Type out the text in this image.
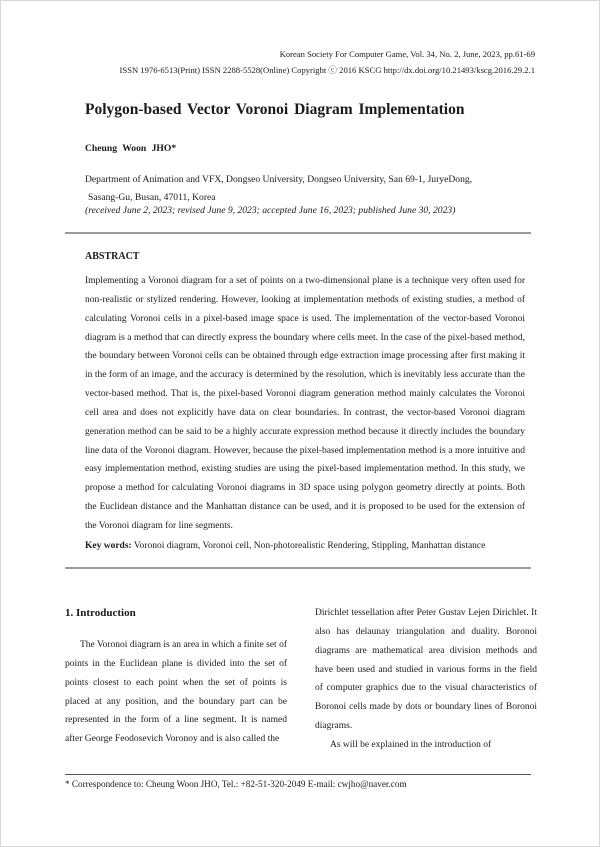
Korean Society For Computer Game, Vol. 34, No. 2, June, 2023, pp.61-69
ISSN 1976-6513(Print) ISSN 2288-5528(Online) Copyright ⓒ 2016 KSCG http://dx.doi.org/10.21493/kscg.2016.29.2.1
Polygon-based Vector Voronoi Diagram Implementation
Cheung Woon JHO*
Department of Animation and VFX, Dongseo University, Dongseo University, San 69-1, JuryeDong,
Sasang-Gu, Busan, 47011, Korea
(received June 2, 2023; revised June 9, 2023; accepted June 16, 2023; published June 30, 2023)
ABSTRACT
Implementing a Voronoi diagram for a set of points on a two-dimensional plane is a technique very often used for non-realistic or stylized rendering. However, looking at implementation methods of existing studies, a method of calculating Voronoi cells in a pixel-based image space is used. The implementation of the vector-based Voronoi diagram is a method that can directly express the boundary where cells meet. In the case of the pixel-based method, the boundary between Voronoi cells can be obtained through edge extraction image processing after first making it in the form of an image, and the accuracy is determined by the resolution, which is inevitably less accurate than the vector-based method. That is, the pixel-based Voronoi diagram generation method mainly calculates the Voronoi cell area and does not explicitly have data on clear boundaries. In contrast, the vector-based Voronoi diagram generation method can be said to be a highly accurate expression method because it directly includes the boundary line data of the Voronoi diagram. However, because the pixel-based implementation method is a more intuitive and easy implementation method, existing studies are using the pixel-based implementation method. In this study, we propose a method for calculating Voronoi diagrams in 3D space using polygon geometry directly at points. Both the Euclidean distance and the Manhattan distance can be used, and it is proposed to be used for the extension of the Voronoi diagram for line segments.
Key words: Voronoi diagram, Voronoi cell, Non-photorealistic Rendering, Stippling, Manhattan distance
1. Introduction

The Voronoi diagram is an area in which a finite set of points in the Euclidean plane is divided into the set of points closest to each point when the set of points is placed at any position, and the boundary part can be represented in the form of a line segment. It is named after George Feodosevich Voronoy and is also called the

Dirichlet tessellation after Peter Gustav Lejen Dirichlet. It also has delaunay triangulation and duality. Boronoi diagrams are mathematical area division methods and have been used and studied in various forms in the field of computer graphics due to the visual characteristics of Boronoi cells made by dots or boundary lines of Boronoi diagrams.

As will be explained in the introduction of

* Correspondence to: Cheung Woon JHO, Tel.: +82-51-320-2049 E-mail: cwjho@naver.com
